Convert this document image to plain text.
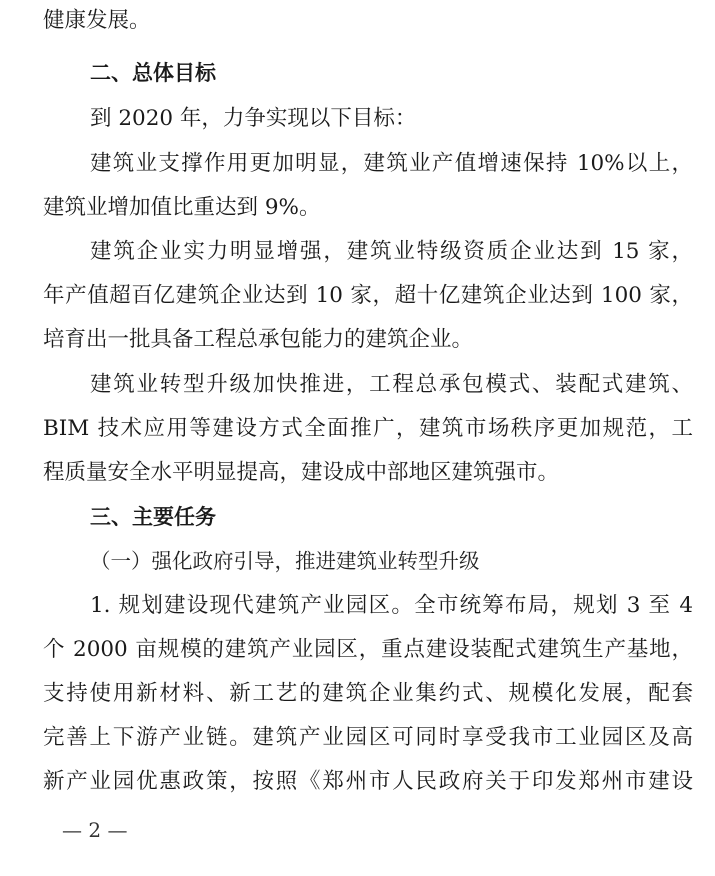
健康发展。
二、总体目标
到 2020 年，力争实现以下目标：
建筑业支撑作用更加明显，建筑业产值增速保持 10%以上，
建筑业增加值比重达到 9%。
建筑企业实力明显增强，建筑业特级资质企业达到 15 家，
年产值超百亿建筑企业达到 10 家，超十亿建筑企业达到 100 家，
培育出一批具备工程总承包能力的建筑企业。
建筑业转型升级加快推进，工程总承包模式、装配式建筑、
BIM 技术应用等建设方式全面推广，建筑市场秩序更加规范，工
程质量安全水平明显提高，建设成中部地区建筑强市。
三、主要任务
（一）强化政府引导，推进建筑业转型升级
1. 规划建设现代建筑产业园区。全市统筹布局，规划 3 至 4
个 2000 亩规模的建筑产业园区，重点建设装配式建筑生产基地，
支持使用新材料、新工艺的建筑企业集约式、规模化发展，配套
完善上下游产业链。建筑产业园区可同时享受我市工业园区及高
新产业园优惠政策，按照《郑州市人民政府关于印发郑州市建设
— 2 —
